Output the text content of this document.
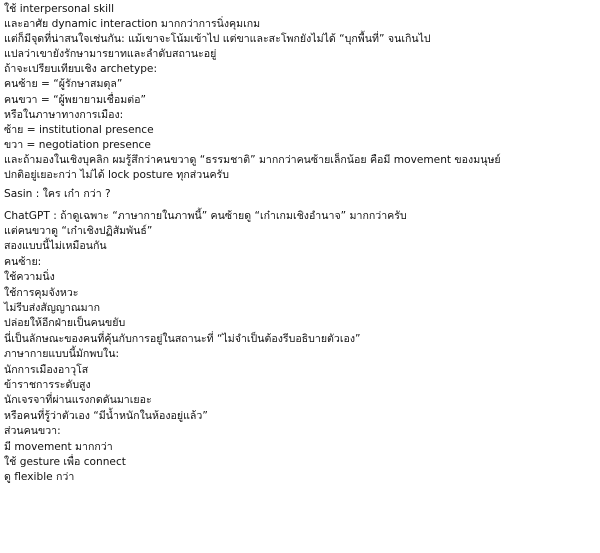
ใช้ interpersonal skill
และอาศัย dynamic interaction มากกว่าการนิ่งคุมเกม
แต่ก็มีจุดที่น่าสนใจเช่นกัน: แม้เขาจะโน้มเข้าไป แต่ขาและสะโพกยังไม่ได้ “บุกพื้นที่” จนเกินไป
แปลว่าเขายังรักษามารยาทและลำดับสถานะอยู่
ถ้าจะเปรียบเทียบเชิง archetype:
คนซ้าย = “ผู้รักษาสมดุล”
คนขวา = “ผู้พยายามเชื่อมต่อ”
หรือในภาษาทางการเมือง:
ซ้าย = institutional presence
ขวา = negotiation presence
และถ้ามองในเชิงบุคลิก ผมรู้สึกว่าคนขวาดู “ธรรมชาติ” มากกว่าคนซ้ายเล็กน้อย คือมี movement ของมนุษย์
ปกติอยู่เยอะกว่า ไม่ได้ lock posture ทุกส่วนครับ
Sasin : ใคร เก๋า กว่า ?
ChatGPT : ถ้าดูเฉพาะ “ภาษากายในภาพนี้” คนซ้ายดู “เก๋าเกมเชิงอำนาจ” มากกว่าครับ
แต่คนขวาดู “เก๋าเชิงปฏิสัมพันธ์”
สองแบบนี้ไม่เหมือนกัน
คนซ้าย:
ใช้ความนิ่ง
ใช้การคุมจังหวะ
ไม่รีบส่งสัญญาณมาก
ปล่อยให้อีกฝ่ายเป็นคนขยับ
นี่เป็นลักษณะของคนที่คุ้นกับการอยู่ในสถานะที่ “ไม่จำเป็นต้องรีบอธิบายตัวเอง”
ภาษากายแบบนี้มักพบใน:
นักการเมืองอาวุโส
ข้าราชการระดับสูง
นักเจรจาที่ผ่านแรงกดดันมาเยอะ
หรือคนที่รู้ว่าตัวเอง “มีน้ำหนักในห้องอยู่แล้ว”
ส่วนคนขวา:
มี movement มากกว่า
ใช้ gesture เพื่อ connect
ดู flexible กว่า
